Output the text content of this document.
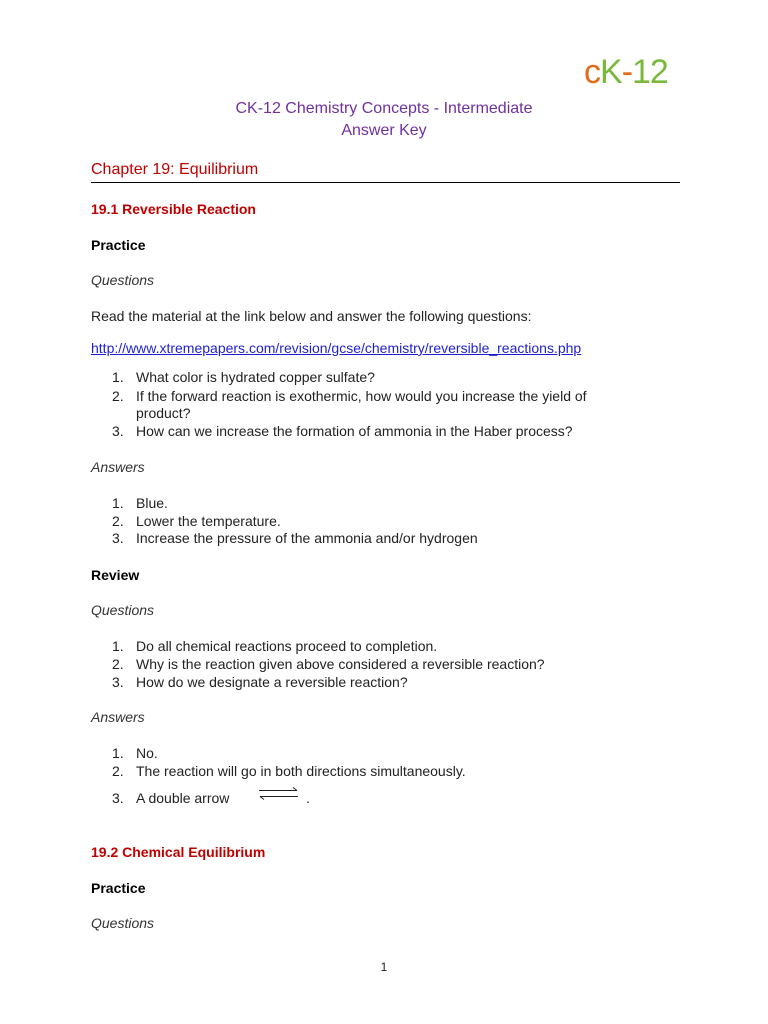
cK-12
CK-12 Chemistry Concepts - Intermediate
Answer Key
Chapter 19: Equilibrium
19.1 Reversible Reaction
Practice
Questions
Read the material at the link below and answer the following questions:
http://www.xtremepapers.com/revision/gcse/chemistry/reversible_reactions.php
1. What color is hydrated copper sulfate?
2. If the forward reaction is exothermic, how would you increase the yield of
product?
3. How can we increase the formation of ammonia in the Haber process?
Answers
1. Blue.
2. Lower the temperature.
3. Increase the pressure of the ammonia and/or hydrogen
Review
Questions
1. Do all chemical reactions proceed to completion.
2. Why is the reaction given above considered a reversible reaction?
3. How do we designate a reversible reaction?
Answers
1. No.
2. The reaction will go in both directions simultaneously.
3. A double arrow	.
19.2 Chemical Equilibrium
Practice
Questions
1
